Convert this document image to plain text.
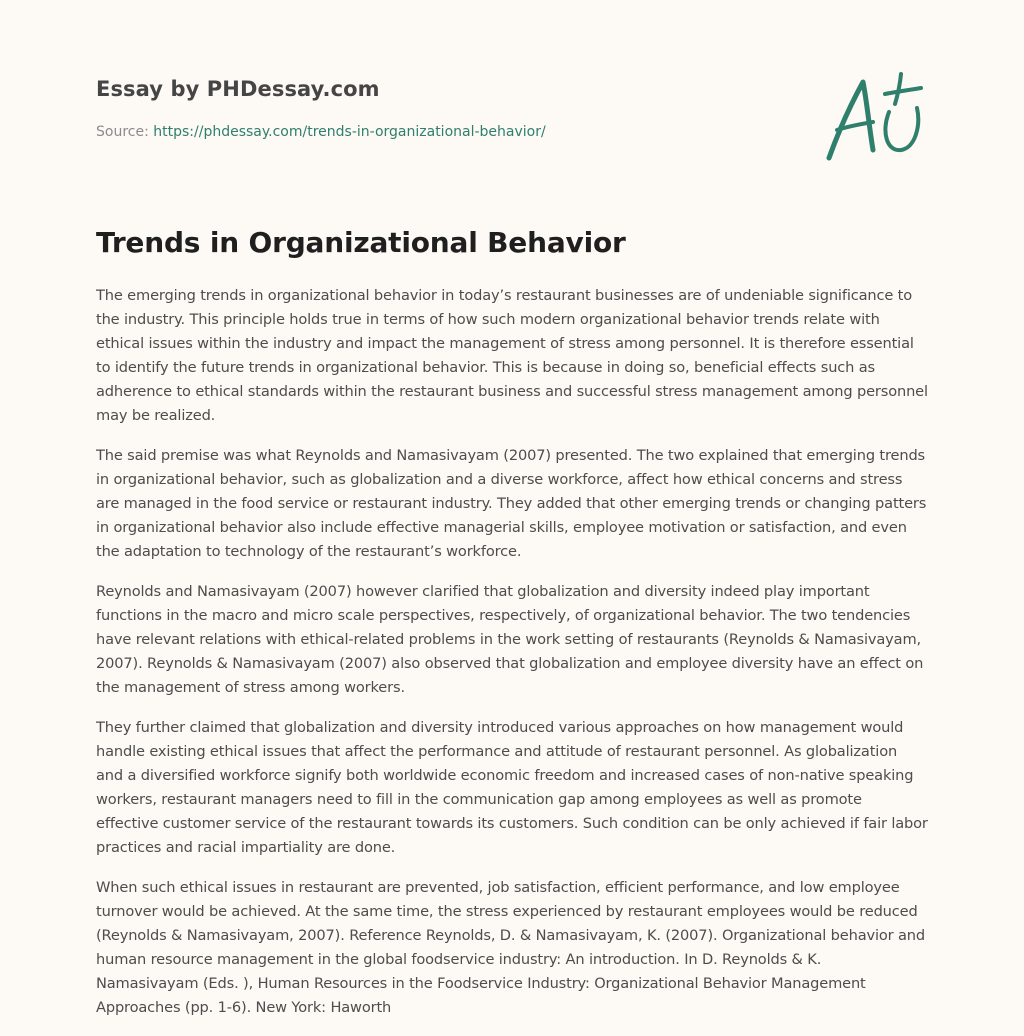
Essay by PHDessay.com
Source: https://phdessay.com/trends-in-organizational-behavior/
Trends in Organizational Behavior

The emerging trends in organizational behavior in today’s restaurant businesses are of undeniable significance to the industry. This principle holds true in terms of how such modern organizational behavior trends relate with ethical issues within the industry and impact the management of stress among personnel. It is therefore essential to identify the future trends in organizational behavior. This is because in doing so, beneficial effects such as adherence to ethical standards within the restaurant business and successful stress management among personnel may be realized.

The said premise was what Reynolds and Namasivayam (2007) presented. The two explained that emerging trends in organizational behavior, such as globalization and a diverse workforce, affect how ethical concerns and stress are managed in the food service or restaurant industry. They added that other emerging trends or changing patters in organizational behavior also include effective managerial skills, employee motivation or satisfaction, and even the adaptation to technology of the restaurant’s workforce.

Reynolds and Namasivayam (2007) however clarified that globalization and diversity indeed play important functions in the macro and micro scale perspectives, respectively, of organizational behavior. The two tendencies have relevant relations with ethical-related problems in the work setting of restaurants (Reynolds & Namasivayam, 2007). Reynolds & Namasivayam (2007) also observed that globalization and employee diversity have an effect on the management of stress among workers.

They further claimed that globalization and diversity introduced various approaches on how management would handle existing ethical issues that affect the performance and attitude of restaurant personnel. As globalization and a diversified workforce signify both worldwide economic freedom and increased cases of non-native speaking workers, restaurant managers need to fill in the communication gap among employees as well as promote effective customer service of the restaurant towards its customers. Such condition can be only achieved if fair labor practices and racial impartiality are done.

When such ethical issues in restaurant are prevented, job satisfaction, efficient performance, and low employee turnover would be achieved. At the same time, the stress experienced by restaurant employees would be reduced (Reynolds & Namasivayam, 2007). Reference Reynolds, D. & Namasivayam, K. (2007). Organizational behavior and human resource management in the global foodservice industry: An introduction. In D. Reynolds & K. Namasivayam (Eds. ), Human Resources in the Foodservice Industry: Organizational Behavior Management Approaches (pp. 1-6). New York: Haworth
